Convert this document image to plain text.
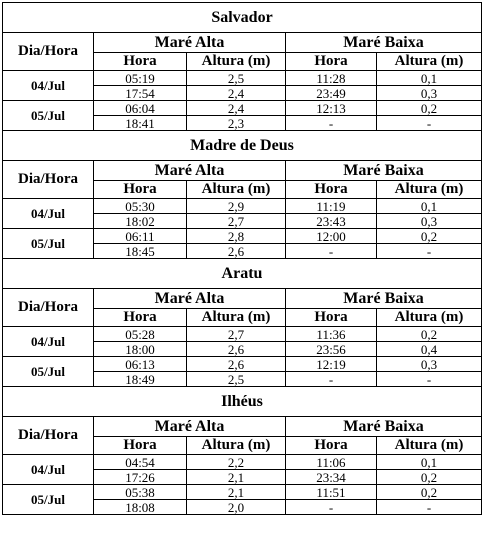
Salvador				
Dia/Hora	Maré Alta		Maré Baixa	
	Hora	Altura (m)	Hora	Altura (m)
04/Jul	05:19	2,5	11:28	0,1
	17:54	2,4	23:49	0,3
05/Jul	06:04	2,4	12:13	0,2
	18:41	2,3	-	-
Madre de Deus				
Dia/Hora	Maré Alta		Maré Baixa	
	Hora	Altura (m)	Hora	Altura (m)
04/Jul	05:30	2,9	11:19	0,1
	18:02	2,7	23:43	0,3
05/Jul	06:11	2,8	12:00	0,2
	18:45	2,6	-	-
Aratu				
Dia/Hora	Maré Alta		Maré Baixa	
	Hora	Altura (m)	Hora	Altura (m)
04/Jul	05:28	2,7	11:36	0,2
	18:00	2,6	23:56	0,4
05/Jul	06:13	2,6	12:19	0,3
	18:49	2,5	-	-
Ilhéus				
Dia/Hora	Maré Alta		Maré Baixa	
	Hora	Altura (m)	Hora	Altura (m)
04/Jul	04:54	2,2	11:06	0,1
	17:26	2,1	23:34	0,2
05/Jul	05:38	2,1	11:51	0,2
	18:08	2,0	-	-
